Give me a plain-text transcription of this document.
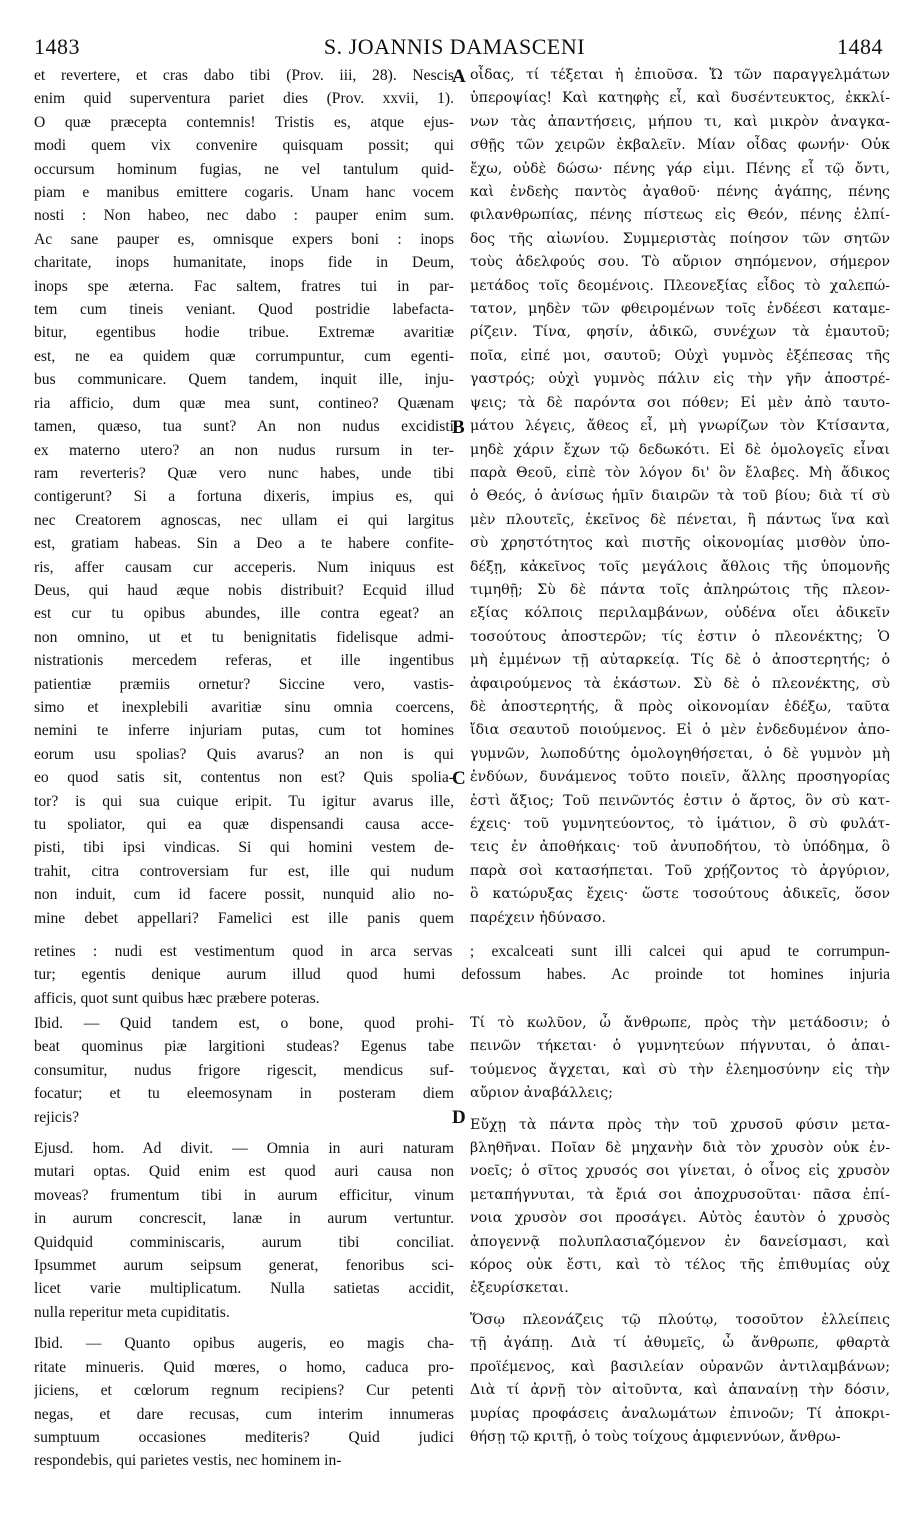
1483	S. JOANNIS DAMASCENI	1484
A
B
C
D
et revertere, et cras dabo tibi (Prov. iii, 28). Nescis
enim quid superventura pariet dies (Prov. xxvii, 1).
O quæ præcepta contemnis! Tristis es, atque ejus-
modi quem vix convenire quisquam possit; qui
occursum hominum fugias, ne vel tantulum quid-
piam e manibus emittere cogaris. Unam hanc vocem
nosti : Non habeo, nec dabo : pauper enim sum.
Ac sane pauper es, omnisque expers boni : inops
charitate, inops humanitate, inops fide in Deum,
inops spe æterna. Fac saltem, fratres tui in par-
tem cum tineis veniant. Quod postridie labefacta-
bitur, egentibus hodie tribue. Extremæ avaritiæ
est, ne ea quidem quæ corrumpuntur, cum egenti-
bus communicare. Quem tandem, inquit ille, inju-
ria afficio, dum quæ mea sunt, contineo? Quænam
tamen, quæso, tua sunt? An non nudus excidisti
ex materno utero? an non nudus rursum in ter-
ram reverteris? Quæ vero nunc habes, unde tibi
contigerunt? Si a fortuna dixeris, impius es, qui
nec Creatorem agnoscas, nec ullam ei qui largitus
est, gratiam habeas. Sin a Deo a te habere confite-
ris, affer causam cur acceperis. Num iniquus est
Deus, qui haud æque nobis distribuit? Ecquid illud
est cur tu opibus abundes, ille contra egeat? an
non omnino, ut et tu benignitatis fidelisque admi-
nistrationis mercedem referas, et ille ingentibus
patientiæ præmiis ornetur? Siccine vero, vastis-
simo et inexplebili avaritiæ sinu omnia coercens,
nemini te inferre injuriam putas, cum tot homines
eorum usu spolias? Quis avarus? an non is qui
eo quod satis sit, contentus non est? Quis spolia-
tor? is qui sua cuique eripit. Tu igitur avarus ille,
tu spoliator, qui ea quæ dispensandi causa acce-
pisti, tibi ipsi vindicas. Si qui homini vestem de-
trahit, citra controversiam fur est, ille qui nudum
non induit, cum id facere possit, nunquid alio no-
mine debet appellari? Famelici est ille panis quem
οἶδας, τί τέξεται ἡ ἐπιοῦσα. Ὤ τῶν παραγγελμάτων
ὑπεροψίας! Καὶ κατηφὴς εἶ, καὶ δυσέντευκτος, ἐκκλί-
νων τὰς ἀπαντήσεις, μήπου τι, καὶ μικρὸν ἀναγκα-
σθῇς τῶν χειρῶν ἐκβαλεῖν. Μίαν οἶδας φωνήν· Οὐκ
ἔχω, οὐδὲ δώσω· πένης γάρ εἰμι. Πένης εἶ τῷ ὄντι,
καὶ ἐνδεὴς παντὸς ἀγαθοῦ· πένης ἀγάπης, πένης
φιλανθρωπίας, πένης πίστεως εἰς Θεόν, πένης ἐλπί-
δος τῆς αἰωνίου. Συμμεριστὰς ποίησον τῶν σητῶν
τοὺς ἀδελφούς σου. Τὸ αὔριον σηπόμενον, σήμερον
μετάδος τοῖς δεομένοις. Πλεονεξίας εἶδος τὸ χαλεπώ-
τατον, μηδὲν τῶν φθειρομένων τοῖς ἐνδέεσι καταμε-
ρίζειν. Τίνα, φησίν, ἀδικῶ, συνέχων τὰ ἐμαυτοῦ;
ποῖα, εἰπέ μοι, σαυτοῦ; Οὐχὶ γυμνὸς ἐξέπεσας τῆς
γαστρός; οὐχὶ γυμνὸς πάλιν εἰς τὴν γῆν ἀποστρέ-
ψεις; τὰ δὲ παρόντα σοι πόθεν; Εἰ μὲν ἀπὸ ταυτο-
μάτου λέγεις, ἄθεος εἶ, μὴ γνωρίζων τὸν Κτίσαντα,
μηδὲ χάριν ἔχων τῷ δεδωκότι. Εἰ δὲ ὁμολογεῖς εἶναι
παρὰ Θεοῦ, εἰπὲ τὸν λόγον δι' ὃν ἔλαβες. Μὴ ἄδικος
ὁ Θεός, ὁ ἀνίσως ἡμῖν διαιρῶν τὰ τοῦ βίου; διὰ τί σὺ
μὲν πλουτεῖς, ἐκεῖνος δὲ πένεται, ἢ πάντως ἵνα καὶ
σὺ χρηστότητος καὶ πιστῆς οἰκονομίας μισθὸν ὑπο-
δέξῃ, κἀκεῖνος τοῖς μεγάλοις ἄθλοις τῆς ὑπομονῆς
τιμηθῇ; Σὺ δὲ πάντα τοῖς ἀπληρώτοις τῆς πλεον-
εξίας κόλποις περιλαμβάνων, οὐδένα οἴει ἀδικεῖν
τοσούτους ἀποστερῶν; τίς ἐστιν ὁ πλεονέκτης; Ὁ
μὴ ἐμμένων τῇ αὐταρκείᾳ. Τίς δὲ ὁ ἀποστερητής; ὁ
ἀφαιρούμενος τὰ ἑκάστων. Σὺ δὲ ὁ πλεονέκτης, σὺ
δὲ ἀποστερητής, ἃ πρὸς οἰκονομίαν ἐδέξω, ταῦτα
ἴδια σεαυτοῦ ποιούμενος. Εἰ ὁ μὲν ἐνδεδυμένον ἀπο-
γυμνῶν, λωποδύτης ὁμολογηθήσεται, ὁ δὲ γυμνὸν μὴ
ἐνδύων, δυνάμενος τοῦτο ποιεῖν, ἄλλης προσηγορίας
ἐστὶ ἄξιος; Τοῦ πεινῶντός ἐστιν ὁ ἄρτος, ὃν σὺ κατ-
έχεις· τοῦ γυμνητεύοντος, τὸ ἱμάτιον, ὃ σὺ φυλάτ-
τεις ἐν ἀποθήκαις· τοῦ ἀνυποδήτου, τὸ ὑπόδημα, ὃ
παρὰ σοὶ κατασήπεται. Τοῦ χρῄζοντος τὸ ἀργύριον,
ὃ κατώρυξας ἔχεις· ὥστε τοσούτους ἀδικεῖς, ὅσον
παρέχειν ἠδύνασο.
retines : nudi est vestimentum quod in arca servas ; excalceati sunt illi calcei qui apud te corrumpun-
tur; egentis denique aurum illud quod humi defossum habes. Ac proinde tot homines injuria
afficis, quot sunt quibus hæc præbere poteras.
Ibid. — Quid tandem est, o bone, quod prohi-
beat quominus piæ largitioni studeas? Egenus tabe
consumitur, nudus frigore rigescit, mendicus suf-
focatur; et tu eleemosynam in posteram diem
rejicis?
Ejusd. hom. Ad divit. — Omnia in auri naturam
mutari optas. Quid enim est quod auri causa non
moveas? frumentum tibi in aurum efficitur, vinum
in aurum concrescit, lanæ in aurum vertuntur.
Quidquid comminiscaris, aurum tibi conciliat.
Ipsummet aurum seipsum generat, fenoribus sci-
licet varie multiplicatum. Nulla satietas accidit,
nulla reperitur meta cupiditatis.
Ibid. — Quanto opibus augeris, eo magis cha-
ritate minueris. Quid mœres, o homo, caduca pro-
jiciens, et cœlorum regnum recipiens? Cur petenti
negas, et dare recusas, cum interim innumeras
sumptuum occasiones mediteris? Quid judici
respondebis, qui parietes vestis, nec hominem in-
Τί τὸ κωλῦον, ὦ ἄνθρωπε, πρὸς τὴν μετάδοσιν; ὁ
πεινῶν τήκεται· ὁ γυμνητεύων πήγνυται, ὁ ἀπαι-
τούμενος ἄγχεται, καὶ σὺ τὴν ἐλεημοσύνην εἰς τὴν
αὔριον ἀναβάλλεις;
Εὔχῃ τὰ πάντα πρὸς τὴν τοῦ χρυσοῦ φύσιν μετα-
βληθῆναι. Ποῖαν δὲ μηχανὴν διὰ τὸν χρυσὸν οὐκ ἐν-
νοεῖς; ὁ σῖτος χρυσός σοι γίνεται, ὁ οἶνος εἰς χρυσὸν
μεταπήγνυται, τὰ ἔριά σοι ἀποχρυσοῦται· πᾶσα ἐπί-
νοια χρυσὸν σοι προσάγει. Αὐτὸς ἑαυτὸν ὁ χρυσὸς
ἀπογεννᾷ πολυπλασιαζόμενον ἐν δανείσμασι, καὶ
κόρος οὐκ ἔστι, καὶ τὸ τέλος τῆς ἐπιθυμίας οὐχ
ἐξευρίσκεται.
Ὅσῳ πλεονάζεις τῷ πλούτῳ, τοσοῦτον ἐλλείπεις
τῇ ἀγάπῃ. Διὰ τί ἀθυμεῖς, ὦ ἄνθρωπε, φθαρτὰ
προϊέμενος, καὶ βασιλείαν οὐρανῶν ἀντιλαμβάνων;
Διὰ τί ἀρνῇ τὸν αἰτοῦντα, καὶ ἀπαναίνῃ τὴν δόσιν,
μυρίας προφάσεις ἀναλωμάτων ἐπινοῶν; Τί ἀποκρι-
θήσῃ τῷ κριτῇ, ὁ τοὺς τοίχους ἀμφιεννύων, ἄνθρω-
